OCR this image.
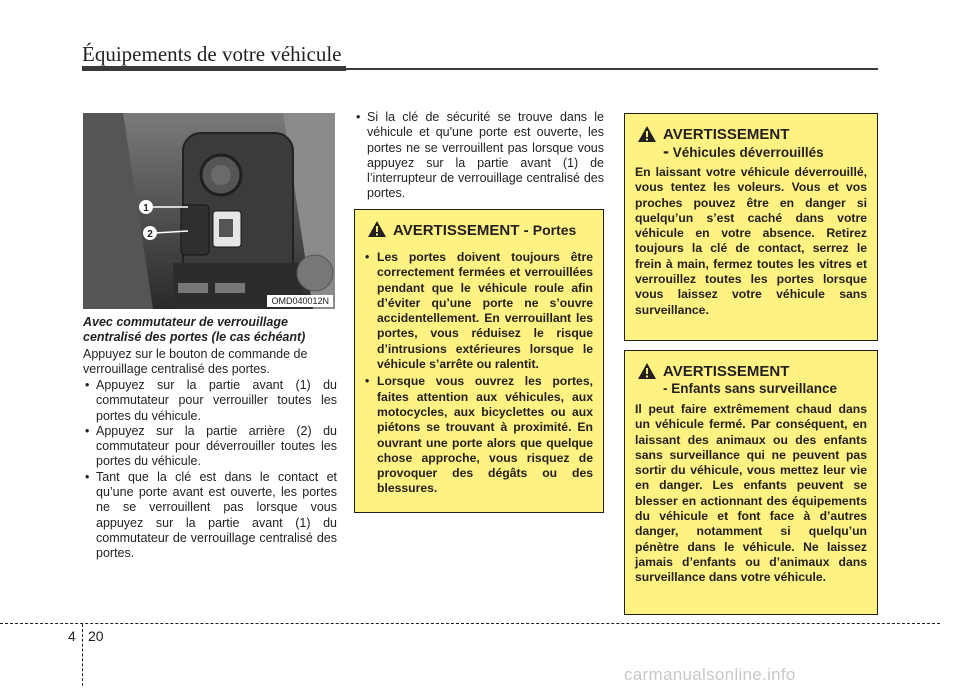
Équipements de votre véhicule
1
2
OMD040012N
Avec commutateur de verrouillage centralisé des portes (le cas échéant)
Appuyez sur le bouton de commande de verrouillage centralisé des portes.
• Appuyez sur la partie avant (1) du commutateur pour verrouiller toutes les portes du véhicule.
• Appuyez sur la partie arrière (2) du commutateur pour déverrouiller toutes les portes du véhicule.
• Tant que la clé est dans le contact et qu’une porte avant est ouverte, les portes ne se verrouillent pas lorsque vous appuyez sur la partie avant (1) du commutateur de verrouillage centralisé des portes.
• Si la clé de sécurité se trouve dans le véhicule et qu'une porte est ouverte, les portes ne se verrouillent pas lorsque vous appuyez sur la partie avant (1) de l’interrupteur de verrouillage centralisé des portes.
AVERTISSEMENT - Portes
• Les portes doivent toujours être correctement fermées et verrouillées pendant que le véhicule roule afin d’éviter qu’une porte ne s’ouvre accidentellement. En verrouillant les portes, vous réduisez le risque d’intrusions extérieures lorsque le véhicule s’arrête ou ralentit.
• Lorsque vous ouvrez les portes, faites attention aux véhicules, aux motocycles, aux bicyclettes ou aux piétons se trouvant à proximité. En ouvrant une porte alors que quelque chose approche, vous risquez de provoquer des dégâts ou des blessures.
AVERTISSEMENT
- Véhicules déverrouillés
En laissant votre véhicule déverrouillé, vous tentez les voleurs. Vous et vos proches pouvez être en danger si quelqu’un s’est caché dans votre véhicule en votre absence. Retirez toujours la clé de contact, serrez le frein à main, fermez toutes les vitres et verrouillez toutes les portes lorsque vous laissez votre véhicule sans surveillance.
AVERTISSEMENT
- Enfants sans surveillance
Il peut faire extrêmement chaud dans un véhicule fermé. Par conséquent, en laissant des animaux ou des enfants sans surveillance qui ne peuvent pas sortir du véhicule, vous mettez leur vie en danger. Les enfants peuvent se blesser en actionnant des équipements du véhicule et font face à d’autres danger, notamment si quelqu’un pénètre dans le véhicule. Ne laissez jamais d’enfants ou d’animaux dans surveillance dans votre véhicule.
4 20
carmanualsonline.info
